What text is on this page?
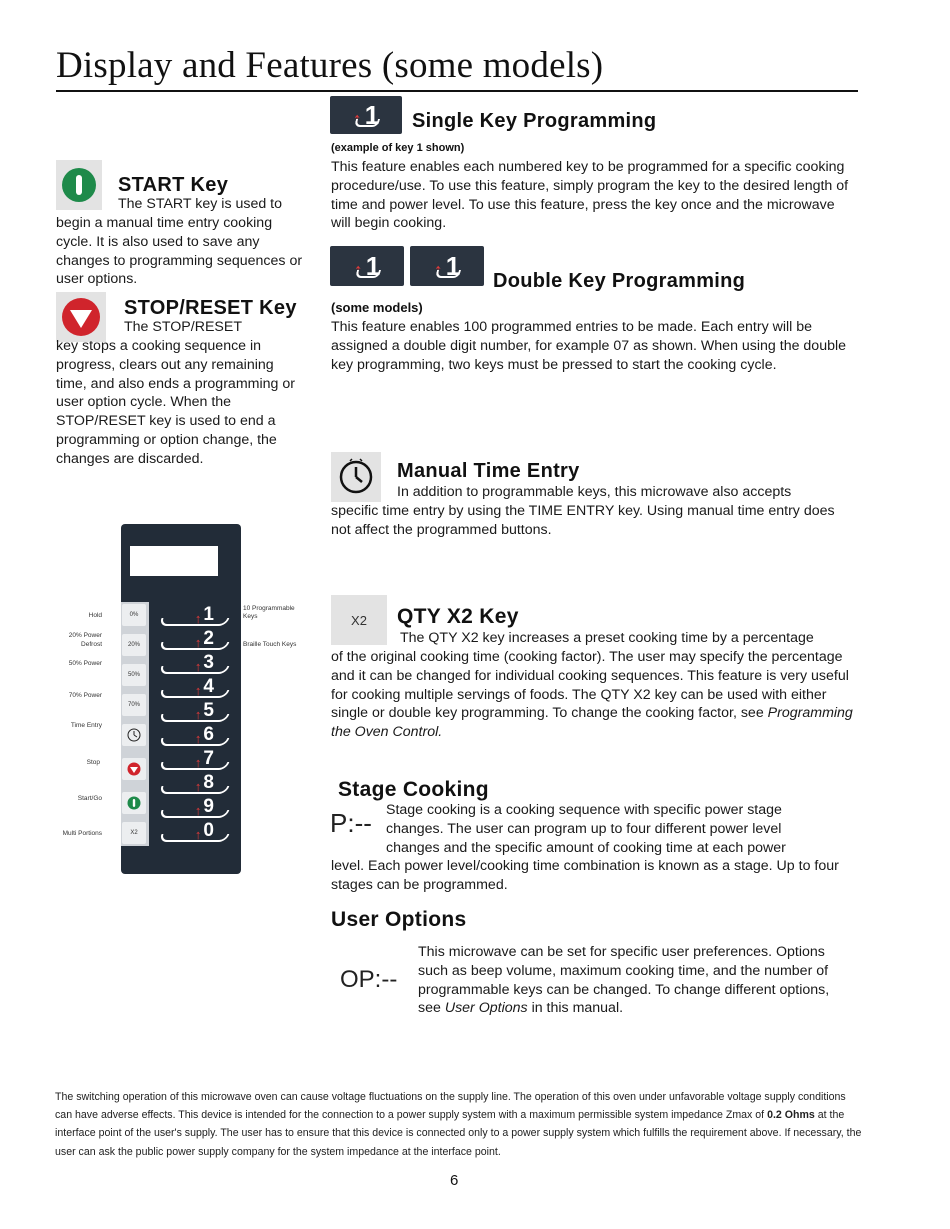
Display and Features (some models)
START Key
The START key is used to
begin a manual time entry cooking cycle. It is also used to save any changes to programming sequences or user options.
STOP/RESET Key
The STOP/RESET
key stops a cooking sequence in progress, clears out any remaining time, and also ends a programming or user option cycle. When the STOP/RESET key is used to end a programming or option change, the changes are discarded.
↑ 1 Single Key Programming
(example of key 1 shown)
This feature enables each numbered key to be programmed for a specific cooking procedure/use. To use this feature, simply program the key to the desired length of time and power level. To use this feature, press the key once and the microwave will begin cooking.
↑ 1	↑ 1 Double Key Programming
(some models)
This feature enables 100 programmed entries to be made. Each entry will be assigned a double digit number, for example 07 as shown. When using the double key programming, two keys must be pressed to start the cooking cycle.
Manual Time Entry
In addition to programmable keys, this microwave also accepts
specific time entry by using the TIME ENTRY key. Using manual time entry does not affect the programmed buttons.
X2 QTY X2 Key
The QTY X2 key increases a preset cooking time by a percentage
of the original cooking time (cooking factor). The user may specify the percentage and it can be changed for individual cooking sequences. This feature is very useful for cooking multiple servings of foods. The QTY X2 key can be used with either single or double key programming. To change the cooking factor, see Programming the Oven Control.
Stage Cooking
P:-- Stage cooking is a cooking sequence with specific power stage changes. The user can program up to four different power level changes and the specific amount of cooking time at each power
level. Each power level/cooking time combination is known as a stage. Up to four stages can be programmed.
User Options
OP:--
This microwave can be set for specific user preferences. Options such as beep volume, maximum cooking time, and the number of programmable keys can be changed. To change different options, see User Options in this manual.
0%
20%
50%
70%
X2
Hold
20% Power
Defrost
50% Power
70% Power
Time Entry
Stop
Start/Go
Multi Portions
10 Programmable Keys
Braille Touch Keys
↑ 1
↑ 2
↑ 3
↑ 4
↑ 5
↑ 6
↑ 7
↑ 8
↑ 9
↑ 0
The switching operation of this microwave oven can cause voltage fluctuations on the supply line. The operation of this oven under unfavorable voltage supply conditions can have adverse effects. This device is intended for the connection to a power supply system with a maximum permissible system impedance Zmax of 0.2 Ohms at the interface point of the user's supply. The user has to ensure that this device is connected only to a power supply system which fulfills the requirement above. If necessary, the user can ask the public power supply company for the system impedance at the interface point.
6
